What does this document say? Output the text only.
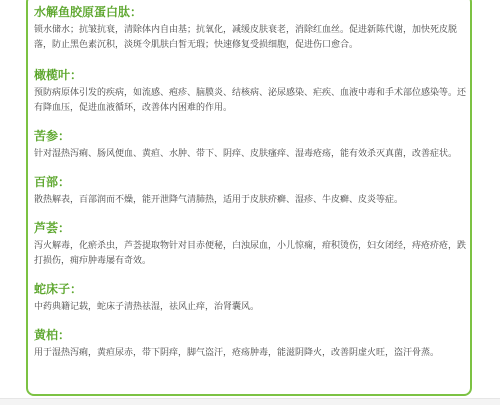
水解鱼胶原蛋白肽：
锁水储水；抗皱抗衰，清除体内自由基；抗氧化，减缓皮肤衰老，消除红血丝。促进新陈代谢，加快死皮脱落，防止黑色素沉积，淡斑令肌肤白皙无瑕；快速修复受损细胞，促进伤口愈合。
橄榄叶：
预防病原体引发的疾病，如流感、疱疹、脑膜炎、结核病、泌尿感染、疟疾、血液中毒和手术部位感染等。还有降血压，促进血液循环，改善体内困难的作用。
苦参：
针对湿热泻痢、肠风便血、黄疸、水肿、带下、阴痒、皮肤瘙痒、湿毒疮疡，能有效杀灭真菌，改善症状。
百部：
散热解表，百部润而不燥，能开泄降气清肺热，适用于皮肤疥癣、湿疹、牛皮癣、皮炎等症。
芦荟：
泻火解毒，化瘀杀虫，芦荟提取物针对目赤便秘，白浊尿血，小儿惊痫，疳积烫伤，妇女闭经，痔疮疥疮，跌打损伤，痈疖肿毒屡有奇效。
蛇床子：
中药典籍记载，蛇床子清热祛湿，祛风止痒，治肾囊风。
黄柏：
用于湿热泻痢，黄疸尿赤，带下阴痒，脚气盗汗，疮疡肿毒，能滋阴降火，改善阴虚火旺，盗汗骨蒸。
